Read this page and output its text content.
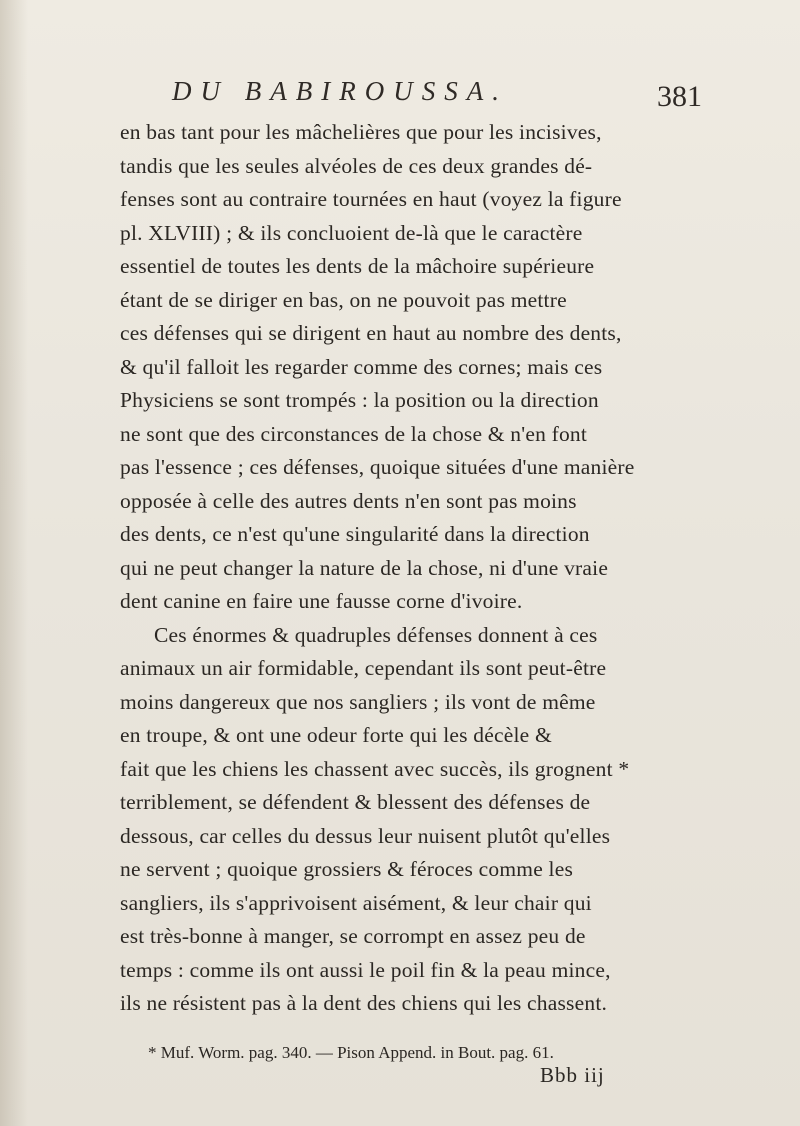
DU BABIROUSSA.	381
en bas tant pour les mâchelières que pour les incisives,
tandis que les seules alvéoles de ces deux grandes dé-
fenses sont au contraire tournées en haut (voyez la figure
pl. XLVIII) ; & ils concluoient de-là que le caractère
essentiel de toutes les dents de la mâchoire supérieure
étant de se diriger en bas, on ne pouvoit pas mettre
ces défenses qui se dirigent en haut au nombre des dents,
& qu'il falloit les regarder comme des cornes; mais ces
Physiciens se sont trompés : la position ou la direction
ne sont que des circonstances de la chose & n'en font
pas l'essence ; ces défenses, quoique situées d'une manière
opposée à celle des autres dents n'en sont pas moins
des dents, ce n'est qu'une singularité dans la direction
qui ne peut changer la nature de la chose, ni d'une vraie
dent canine en faire une fausse corne d'ivoire.
Ces énormes & quadruples défenses donnent à ces
animaux un air formidable, cependant ils sont peut-être
moins dangereux que nos sangliers ; ils vont de même
en troupe, & ont une odeur forte qui les décèle &
fait que les chiens les chassent avec succès, ils grognent *
terriblement, se défendent & blessent des défenses de
dessous, car celles du dessus leur nuisent plutôt qu'elles
ne servent ; quoique grossiers & féroces comme les
sangliers, ils s'apprivoisent aisément, & leur chair qui
est très-bonne à manger, se corrompt en assez peu de
temps : comme ils ont aussi le poil fin & la peau mince,
ils ne résistent pas à la dent des chiens qui les chassent.
* Muf. Worm. pag. 340. — Pison Append. in Bout. pag. 61.
Bbb iij
